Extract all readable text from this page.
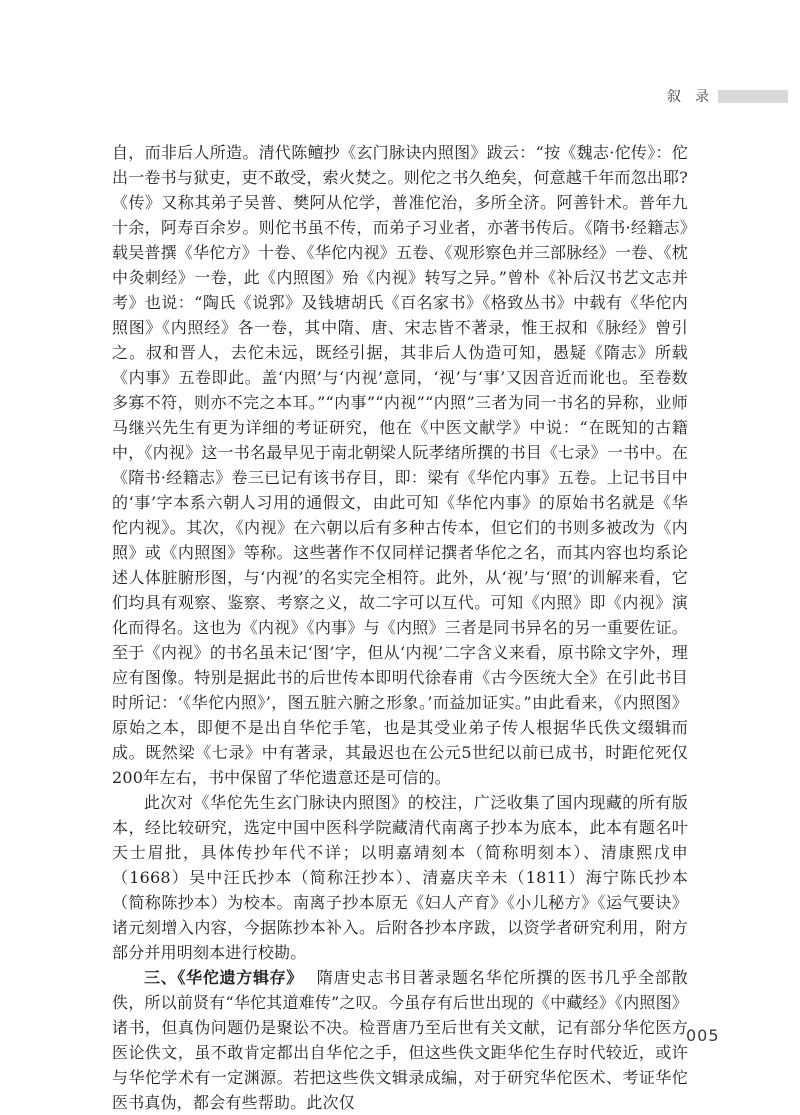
叙　录

自，而非后人所造。清代陈鳣抄《玄门脉诀内照图》跋云：“按《魏志·佗传》：佗出一卷书与狱吏，吏不敢受，索火焚之。则佗之书久绝矣，何意越千年而忽出耶?《传》又称其弟子吴普、樊阿从佗学，普准佗治，多所全济。阿善针术。普年九十余，阿寿百余岁。则佗书虽不传，而弟子习业者，亦著书传后。《隋书·经籍志》载吴普撰《华佗方》十卷、《华佗内视》五卷、《观形察色并三部脉经》一卷、《枕中灸刺经》一卷，此《内照图》殆《内视》转写之异。”曾朴《补后汉书艺文志并考》也说：“陶氏《说郛》及钱塘胡氏《百名家书》《格致丛书》中载有《华佗内照图》《内照经》各一卷，其中隋、唐、宋志皆不著录，惟王叔和《脉经》曾引之。叔和晋人，去佗未远，既经引据，其非后人伪造可知，愚疑《隋志》所载《内事》五卷即此。盖‘内照’与‘内视’意同，‘视’与‘事’又因音近而讹也。至卷数多寡不符，则亦不完之本耳。”“内事”“内视”“内照”三者为同一书名的异称，业师马继兴先生有更为详细的考证研究，他在《中医文献学》中说：“在既知的古籍中，《内视》这一书名最早见于南北朝梁人阮孝绪所撰的书目《七录》一书中。在《隋书·经籍志》卷三已记有该书存目，即：梁有《华佗内事》五卷。上记书目中的‘事’字本系六朝人习用的通假文，由此可知《华佗内事》的原始书名就是《华佗内视》。其次，《内视》在六朝以后有多种古传本，但它们的书则多被改为《内照》或《内照图》等称。这些著作不仅同样记撰者华佗之名，而其内容也均系论述人体脏腑形图，与‘内视’的名实完全相符。此外，从‘视’与‘照’的训解来看，它们均具有观察、鉴察、考察之义，故二字可以互代。可知《内照》即《内视》演化而得名。这也为《内视》《内事》与《内照》三者是同书异名的另一重要佐证。至于《内视》的书名虽未记‘图’字，但从‘内视’二字含义来看，原书除文字外，理应有图像。特别是据此书的后世传本即明代徐春甫《古今医统大全》在引此书目时所记：‘《华佗内照》’，图五脏六腑之形象。’而益加证实。”由此看来，《内照图》原始之本，即便不是出自华佗手笔，也是其受业弟子传人根据华氏佚文缀辑而成。既然梁《七录》中有著录，其最迟也在公元5世纪以前已成书，时距佗死仅200年左右，书中保留了华佗遗意还是可信的。

此次对《华佗先生玄门脉诀内照图》的校注，广泛收集了国内现藏的所有版本，经比较研究，选定中国中医科学院藏清代南离子抄本为底本，此本有题名叶天士眉批，具体传抄年代不详；以明嘉靖刻本（简称明刻本）、清康熙戊申（1668）吴中汪氏抄本（简称汪抄本）、清嘉庆辛未（1811）海宁陈氏抄本（简称陈抄本）为校本。南离子抄本原无《妇人产育》《小儿秘方》《运气要诀》诸元刻增入内容，今据陈抄本补入。后附各抄本序跋，以资学者研究利用，附方部分并用明刻本进行校勘。

三、《华佗遗方辑存》 隋唐史志书目著录题名华佗所撰的医书几乎全部散佚，所以前贤有“华佗其道难传”之叹。今虽存有后世出现的《中藏经》《内照图》诸书，但真伪问题仍是聚讼不决。检晋唐乃至后世有关文献，记有部分华佗医方医论佚文，虽不敢肯定都出自华佗之手，但这些佚文距华佗生存时代较近，或许与华佗学术有一定渊源。若把这些佚文辑录成编，对于研究华佗医术、考证华佗医书真伪，都会有些帮助。此次仅

005
